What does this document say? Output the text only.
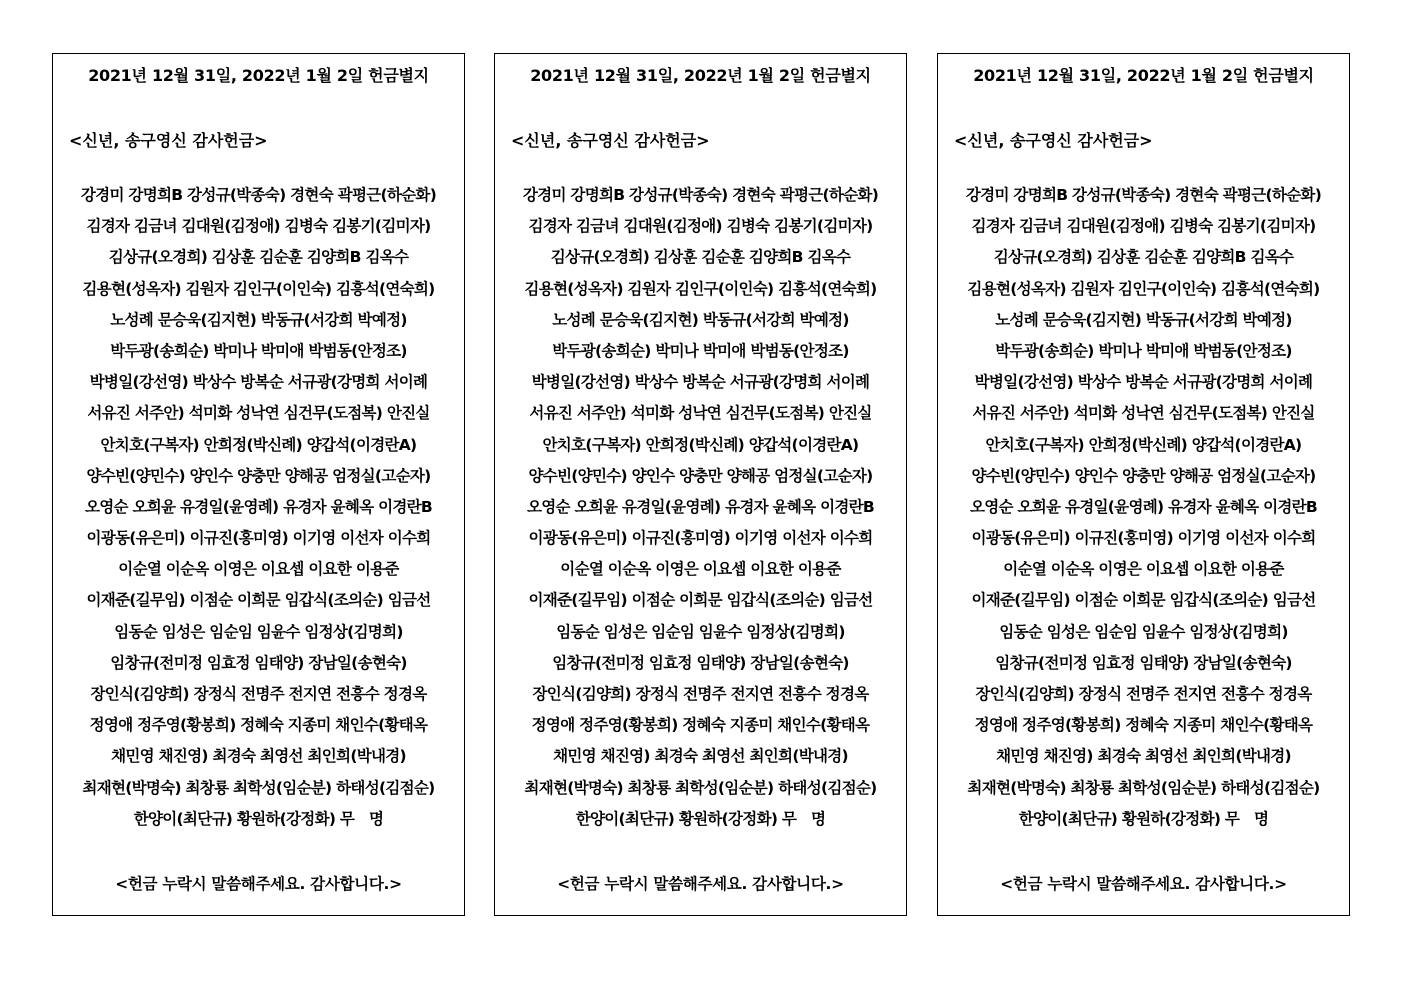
2021년 12월 31일, 2022년 1월 2일 헌금별지
<신년, 송구영신 감사헌금>
강경미 강명희B 강성규(박종숙) 경현숙 곽평근(하순화)
김경자 김금녀 김대원(김정애) 김병숙 김봉기(김미자)
김상규(오경희) 김상훈 김순훈 김양희B 김옥수
김용현(성옥자) 김원자 김인구(이인숙) 김흥석(연숙희)
노성례 문승욱(김지현) 박동규(서강희 박예정)
박두광(송희순) 박미나 박미애 박범동(안정조)
박병일(강선영) 박상수 방복순 서규광(강명희 서이례
서유진 서주안) 석미화 성낙연 심건무(도점복) 안진실
안치호(구복자) 안희정(박신례) 양갑석(이경란A)
양수빈(양민수) 양인수 양충만 양해공 엄정실(고순자)
오영순 오희윤 유경일(윤영례) 유경자 윤혜옥 이경란B
이광동(유은미) 이규진(홍미영) 이기영 이선자 이수희
이순열 이순옥 이영은 이요셉 이요한 이용준
이재준(길무임) 이점순 이희문 임갑식(조의순) 임금선
임동순 임성은 임순임 임윤수 임정상(김명희)
임창규(전미정 임효정 임태양) 장남일(송현숙)
장인식(김양희) 장정식 전명주 전지연 전흥수 정경옥
정영애 정주영(황봉희) 정혜숙 지종미 채인수(황태옥
채민영 채진영) 최경숙 최영선 최인희(박내경)
최재현(박명숙) 최창룡 최학성(임순분) 하태성(김점순)
한양이(최단규) 황원하(강정화) 무　명
<헌금 누락시 말씀해주세요. 감사합니다.>
2021년 12월 31일, 2022년 1월 2일 헌금별지
<신년, 송구영신 감사헌금>
강경미 강명희B 강성규(박종숙) 경현숙 곽평근(하순화)
김경자 김금녀 김대원(김정애) 김병숙 김봉기(김미자)
김상규(오경희) 김상훈 김순훈 김양희B 김옥수
김용현(성옥자) 김원자 김인구(이인숙) 김흥석(연숙희)
노성례 문승욱(김지현) 박동규(서강희 박예정)
박두광(송희순) 박미나 박미애 박범동(안정조)
박병일(강선영) 박상수 방복순 서규광(강명희 서이례
서유진 서주안) 석미화 성낙연 심건무(도점복) 안진실
안치호(구복자) 안희정(박신례) 양갑석(이경란A)
양수빈(양민수) 양인수 양충만 양해공 엄정실(고순자)
오영순 오희윤 유경일(윤영례) 유경자 윤혜옥 이경란B
이광동(유은미) 이규진(홍미영) 이기영 이선자 이수희
이순열 이순옥 이영은 이요셉 이요한 이용준
이재준(길무임) 이점순 이희문 임갑식(조의순) 임금선
임동순 임성은 임순임 임윤수 임정상(김명희)
임창규(전미정 임효정 임태양) 장남일(송현숙)
장인식(김양희) 장정식 전명주 전지연 전흥수 정경옥
정영애 정주영(황봉희) 정혜숙 지종미 채인수(황태옥
채민영 채진영) 최경숙 최영선 최인희(박내경)
최재현(박명숙) 최창룡 최학성(임순분) 하태성(김점순)
한양이(최단규) 황원하(강정화) 무　명
<헌금 누락시 말씀해주세요. 감사합니다.>
2021년 12월 31일, 2022년 1월 2일 헌금별지
<신년, 송구영신 감사헌금>
강경미 강명희B 강성규(박종숙) 경현숙 곽평근(하순화)
김경자 김금녀 김대원(김정애) 김병숙 김봉기(김미자)
김상규(오경희) 김상훈 김순훈 김양희B 김옥수
김용현(성옥자) 김원자 김인구(이인숙) 김흥석(연숙희)
노성례 문승욱(김지현) 박동규(서강희 박예정)
박두광(송희순) 박미나 박미애 박범동(안정조)
박병일(강선영) 박상수 방복순 서규광(강명희 서이례
서유진 서주안) 석미화 성낙연 심건무(도점복) 안진실
안치호(구복자) 안희정(박신례) 양갑석(이경란A)
양수빈(양민수) 양인수 양충만 양해공 엄정실(고순자)
오영순 오희윤 유경일(윤영례) 유경자 윤혜옥 이경란B
이광동(유은미) 이규진(홍미영) 이기영 이선자 이수희
이순열 이순옥 이영은 이요셉 이요한 이용준
이재준(길무임) 이점순 이희문 임갑식(조의순) 임금선
임동순 임성은 임순임 임윤수 임정상(김명희)
임창규(전미정 임효정 임태양) 장남일(송현숙)
장인식(김양희) 장정식 전명주 전지연 전흥수 정경옥
정영애 정주영(황봉희) 정혜숙 지종미 채인수(황태옥
채민영 채진영) 최경숙 최영선 최인희(박내경)
최재현(박명숙) 최창룡 최학성(임순분) 하태성(김점순)
한양이(최단규) 황원하(강정화) 무　명
<헌금 누락시 말씀해주세요. 감사합니다.>
